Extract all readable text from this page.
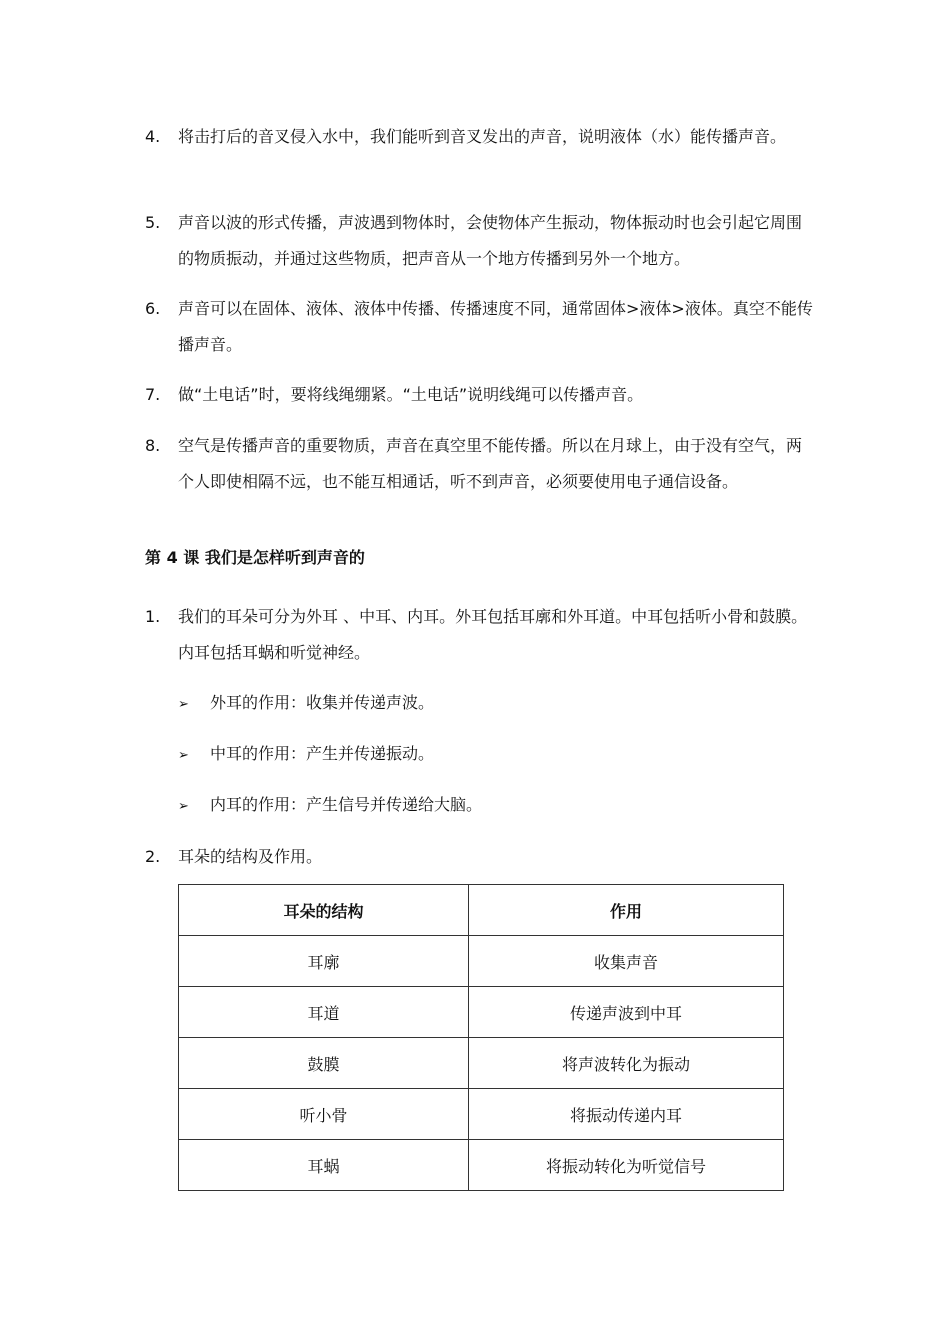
4.	将击打后的音叉侵入水中，我们能听到音叉发出的声音，说明液体（水）能传播声音。
5.	声音以波的形式传播，声波遇到物体时，会使物体产生振动，物体振动时也会引起它周围的物质振动，并通过这些物质，把声音从一个地方传播到另外一个地方。
6.	声音可以在固体、液体、液体中传播、传播速度不同，通常固体>液体>液体。真空不能传播声音。
7.	做“土电话”时，要将线绳绷紧。“土电话”说明线绳可以传播声音。
8.	空气是传播声音的重要物质，声音在真空里不能传播。所以在月球上，由于没有空气，两个人即使相隔不远，也不能互相通话，听不到声音，必须要使用电子通信设备。
第 4 课 我们是怎样听到声音的
1.	我们的耳朵可分为外耳 、中耳、内耳。外耳包括耳廓和外耳道。中耳包括听小骨和鼓膜。内耳包括耳蜗和听觉神经。
➢ 外耳的作用：收集并传递声波。
➢ 中耳的作用：产生并传递振动。
➢ 内耳的作用：产生信号并传递给大脑。
2.	耳朵的结构及作用。
耳朵的结构	作用
耳廓	收集声音
耳道	传递声波到中耳
鼓膜	将声波转化为振动
听小骨	将振动传递内耳
耳蜗	将振动转化为听觉信号
